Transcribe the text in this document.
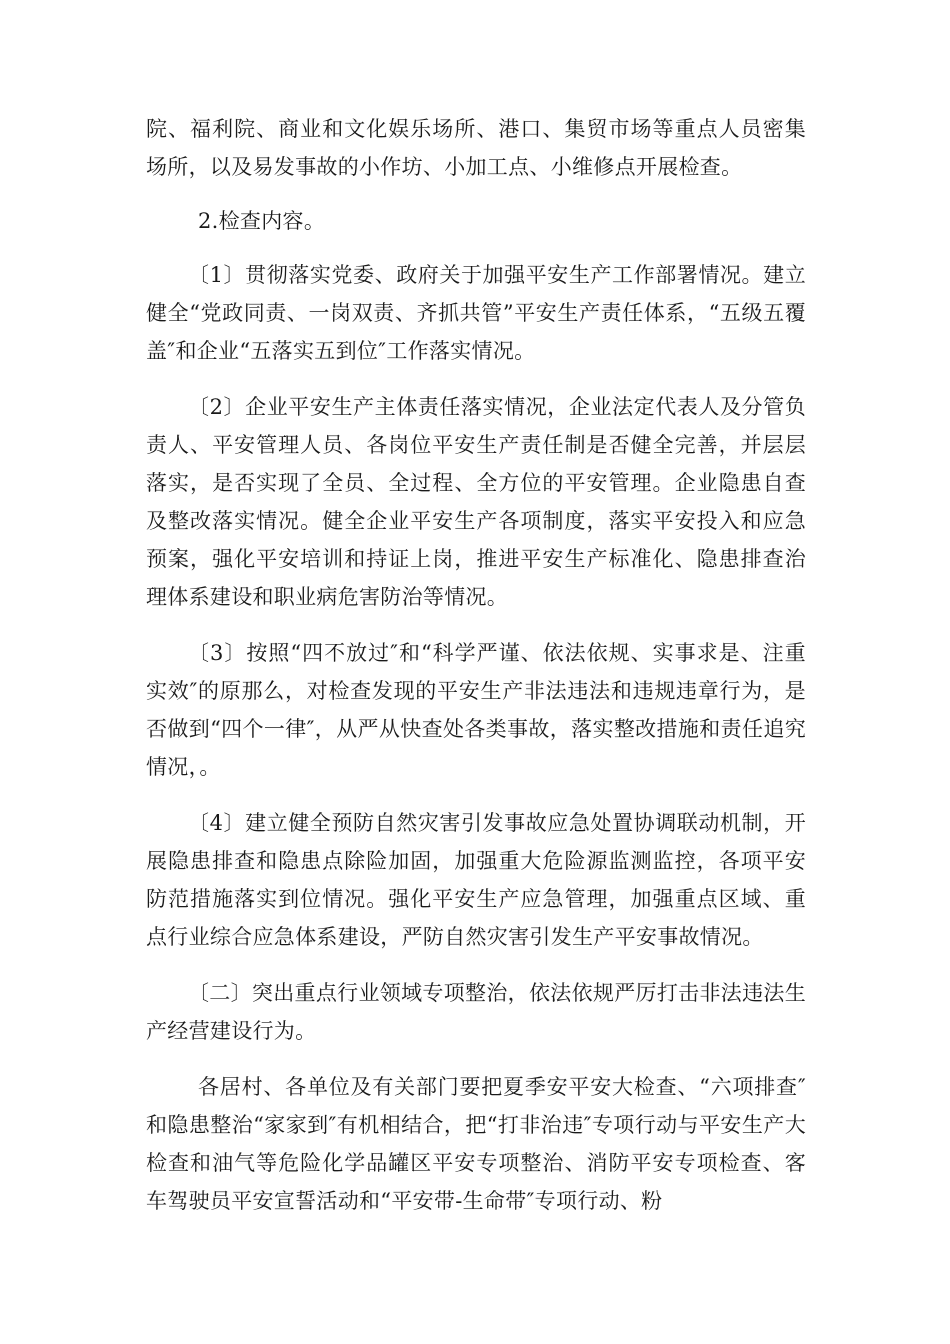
院、福利院、商业和文化娱乐场所、港口、集贸市场等重点人员密集场所，以及易发事故的小作坊、小加工点、小维修点开展检查。

2.检查内容。

〔1〕贯彻落实党委、政府关于加强平安生产工作部署情况。建立健全“党政同责、一岗双责、齐抓共管”平安生产责任体系，“五级五覆盖″和企业“五落实五到位″工作落实情况。

〔2〕企业平安生产主体责任落实情况，企业法定代表人及分管负责人、平安管理人员、各岗位平安生产责任制是否健全完善，并层层落实，是否实现了全员、全过程、全方位的平安管理。企业隐患自查及整改落实情况。健全企业平安生产各项制度，落实平安投入和应急预案，强化平安培训和持证上岗，推进平安生产标准化、隐患排查治理体系建设和职业病危害防治等情况。

〔3〕按照“四不放过″和“科学严谨、依法依规、实事求是、注重实效″的原那么，对检查发现的平安生产非法违法和违规违章行为，是否做到“四个一律″，从严从快查处各类事故，落实整改措施和责任追究情况，。

〔4〕建立健全预防自然灾害引发事故应急处置协调联动机制，开展隐患排查和隐患点除险加固，加强重大危险源监测监控，各项平安防范措施落实到位情况。强化平安生产应急管理，加强重点区域、重点行业综合应急体系建设，严防自然灾害引发生产平安事故情况。

〔二〕突出重点行业领域专项整治，依法依规严厉打击非法违法生产经营建设行为。

各居村、各单位及有关部门要把夏季安平安大检查、“六项排查″和隐患整治“家家到″有机相结合，把“打非治违″专项行动与平安生产大检查和油气等危险化学品罐区平安专项整治、消防平安专项检查、客车驾驶员平安宣誓活动和“平安带-生命带″专项行动、粉
